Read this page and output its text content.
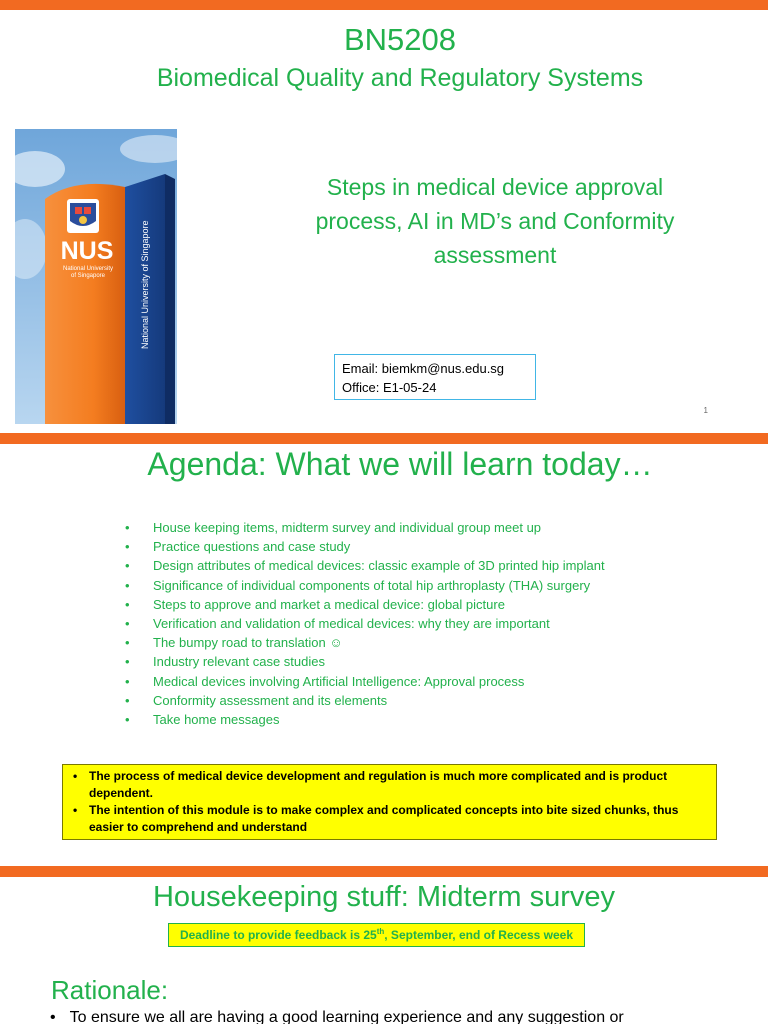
BN5208
Biomedical Quality and Regulatory Systems
NUS
National University
of Singapore	National University of Singapore
Steps in medical device approval process, AI in MD’s and Conformity assessment
Email: biemkm@nus.edu.sg
Office: E1-05-24
1
Agenda: What we will learn today…
• House keeping items, midterm survey and individual group meet up
• Practice questions and case study
• Design attributes of medical devices: classic example of 3D printed hip implant
• Significance of individual components of total hip arthroplasty (THA) surgery
• Steps to approve and market a medical device: global picture
• Verification and validation of medical devices: why they are important
• The bumpy road to translation ☺
• Industry relevant case studies
• Medical devices involving Artificial Intelligence: Approval process
• Conformity assessment and its elements
• Take home messages
• The process of medical device development and regulation is much more complicated and is product dependent.
• The intention of this module is to make complex and complicated concepts into bite sized chunks, thus easier to comprehend and understand
Housekeeping stuff: Midterm survey
Deadline to provide feedback is 25th, September, end of Recess week
Rationale:
• To ensure we all are having a good learning experience and any suggestion or
